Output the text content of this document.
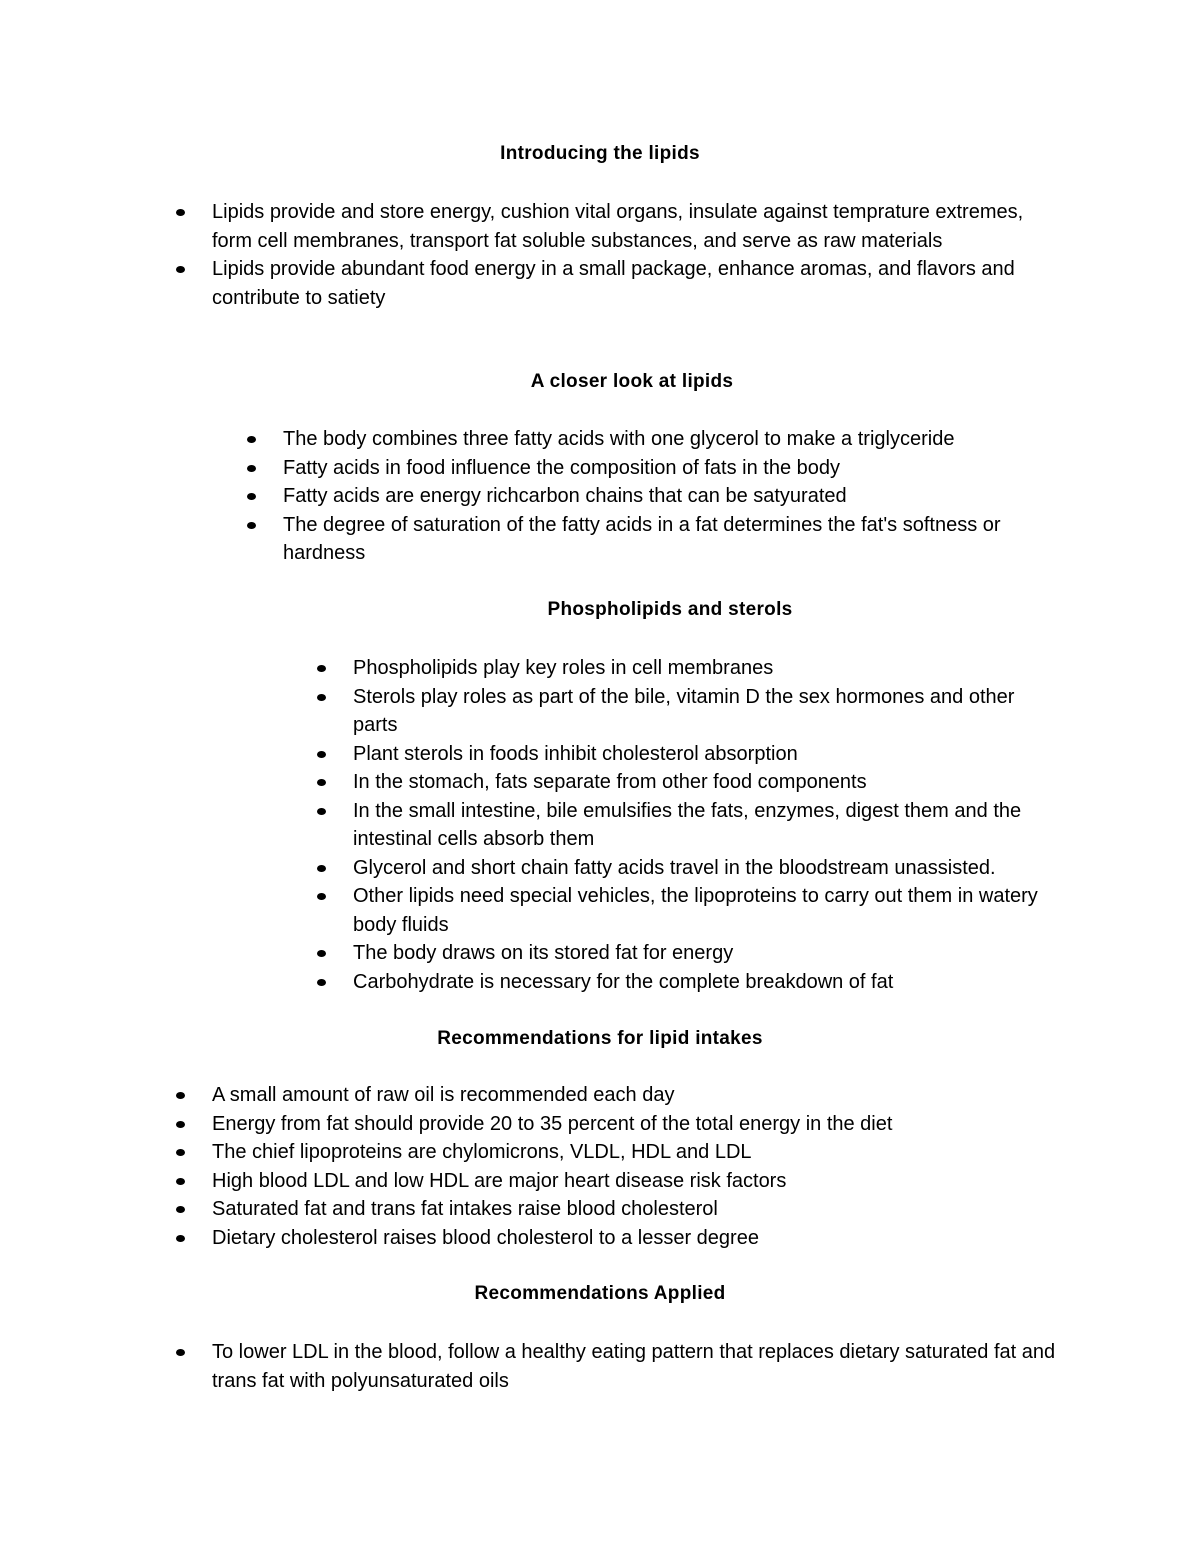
Introducing the lipids
Lipids provide and store energy, cushion vital organs, insulate against temprature extremes, form cell membranes, transport fat soluble substances, and serve as raw materials
Lipids provide abundant food energy in a small package, enhance aromas, and flavors and contribute to satiety
A closer look at lipids
The body combines three fatty acids with one glycerol to make a triglyceride
Fatty acids in food influence the composition of fats in the body
Fatty acids are energy richcarbon chains that can be satyurated
The degree of saturation of the fatty acids in a fat determines the fat's softness or hardness
Phospholipids and sterols
Phospholipids play key roles in cell membranes
Sterols play roles as part of the bile, vitamin D the sex hormones and other parts
Plant sterols in foods inhibit cholesterol absorption
In the stomach, fats separate from other food components
In the small intestine, bile emulsifies the fats, enzymes, digest them and the intestinal cells absorb them
Glycerol and short chain fatty acids travel in the bloodstream unassisted.
Other lipids need special vehicles, the lipoproteins to carry out them in watery body fluids
The body draws on its stored fat for energy
Carbohydrate is necessary for the complete breakdown of fat
Recommendations for lipid intakes
A small amount of raw oil is recommended each day
Energy from fat should provide 20 to 35 percent of the total energy in the diet
The chief lipoproteins are chylomicrons, VLDL, HDL and LDL
High blood LDL and low HDL are major heart disease risk factors
Saturated fat and trans fat intakes raise blood cholesterol
Dietary cholesterol raises blood cholesterol to a lesser degree
Recommendations Applied
To lower LDL in the blood, follow a healthy eating pattern that replaces dietary saturated fat and trans fat with polyunsaturated oils
